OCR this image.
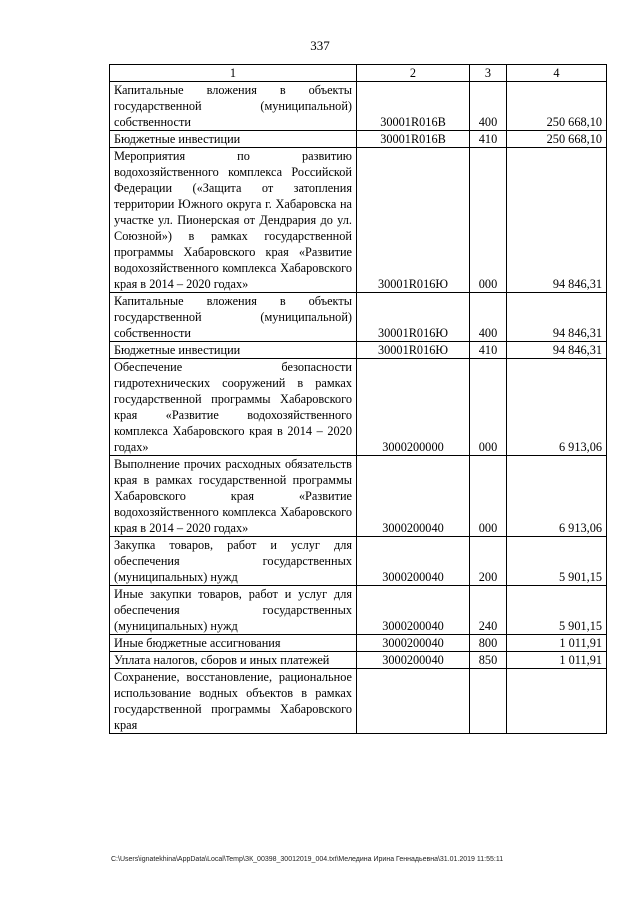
337
1	2	3	4
Капитальные вложения в объекты государственной (муниципальной) собственности	30001R016B	400	250 668,10
Бюджетные инвестиции	30001R016B	410	250 668,10
Мероприятия по развитию водохозяйственного комплекса Российской Федерации («Защита от затопления территории Южного округа г. Хабаровска на участке ул. Пионерская от Дендрария до ул. Союзной») в рамках государственной программы Хабаровского края «Развитие водохозяйственного комплекса Хабаровского края в 2014 – 2020 годах»	30001R016Ю	000	94 846,31
Капитальные вложения в объекты государственной (муниципальной) собственности	30001R016Ю	400	94 846,31
Бюджетные инвестиции	30001R016Ю	410	94 846,31
Обеспечение безопасности гидротехнических сооружений в рамках государственной программы Хабаровского края «Развитие водохозяйственного комплекса Хабаровского края в 2014 – 2020 годах»	3000200000	000	6 913,06
Выполнение прочих расходных обязательств края в рамках государственной программы Хабаровского края «Развитие водохозяйственного комплекса Хабаровского края в 2014 – 2020 годах»	3000200040	000	6 913,06
Закупка товаров, работ и услуг для обеспечения государственных (муниципальных) нужд	3000200040	200	5 901,15
Иные закупки товаров, работ и услуг для обеспечения государственных (муниципальных) нужд	3000200040	240	5 901,15
Иные бюджетные ассигнования	3000200040	800	1 011,91
Уплата налогов, сборов и иных платежей	3000200040	850	1 011,91
Сохранение, восстановление, рациональное использование водных объектов в рамках государственной программы Хабаровского края			
C:\Users\ignatekhina\AppData\Local\Temp\ЗК_00398_30012019_004.txt\Меледина Ирина Геннадьевна\31.01.2019 11:55:11
